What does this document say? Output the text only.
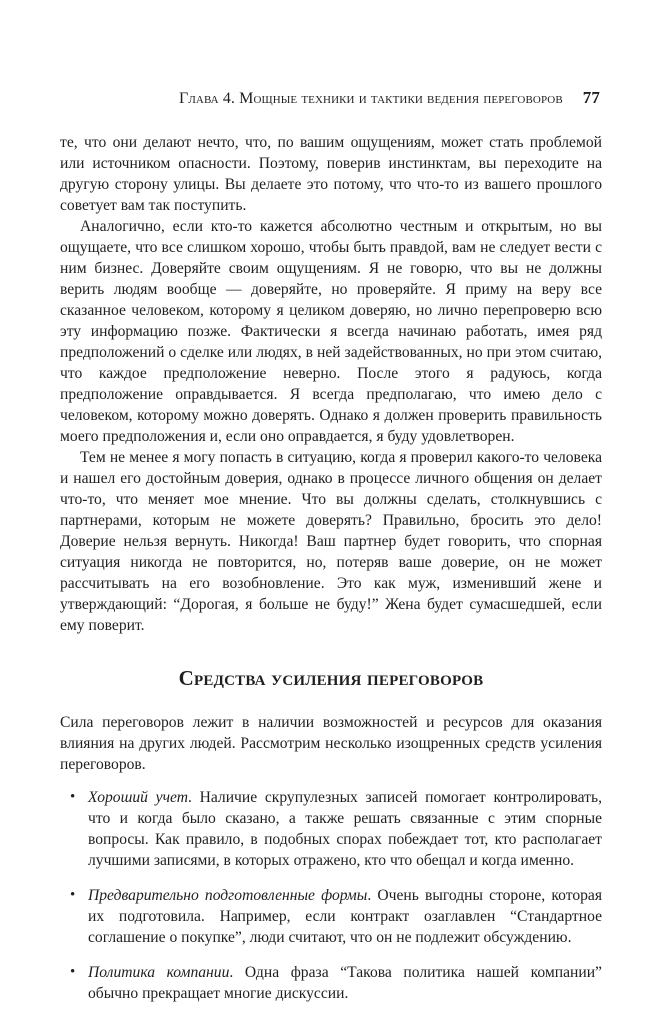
Глава 4. Мощные техники и тактики ведения переговоров 77

те, что они делают нечто, что, по вашим ощущениям, может стать проблемой или источником опасности. Поэтому, поверив инстинктам, вы переходите на другую сторону улицы. Вы делаете это потому, что что-то из вашего прошлого советует вам так поступить.

Аналогично, если кто-то кажется абсолютно честным и открытым, но вы ощущаете, что все слишком хорошо, чтобы быть правдой, вам не следует вести с ним бизнес. Доверяйте своим ощущениям. Я не говорю, что вы не должны верить людям вообще — доверяйте, но проверяйте. Я приму на веру все сказанное человеком, которому я целиком доверяю, но лично перепроверю всю эту информацию позже. Фактически я всегда начинаю работать, имея ряд предположений о сделке или людях, в ней задействованных, но при этом считаю, что каждое предположение неверно. После этого я радуюсь, когда предположение оправдывается. Я всегда предполагаю, что имею дело с человеком, которому можно доверять. Однако я должен проверить правильность моего предположения и, если оно оправдается, я буду удовлетворен.

Тем не менее я могу попасть в ситуацию, когда я проверил какого-то человека и нашел его достойным доверия, однако в процессе личного общения он делает что-то, что меняет мое мнение. Что вы должны сделать, столкнувшись с партнерами, которым не можете доверять? Правильно, бросить это дело! Доверие нельзя вернуть. Никогда! Ваш партнер будет говорить, что спорная ситуация никогда не повторится, но, потеряв ваше доверие, он не может рассчитывать на его возобновление. Это как муж, изменивший жене и утверждающий: “Дорогая, я больше не буду!” Жена будет сумасшедшей, если ему поверит.

Средства усиления переговоров

Сила переговоров лежит в наличии возможностей и ресурсов для оказания влияния на других людей. Рассмотрим несколько изощренных средств усиления переговоров.

• Хороший учет. Наличие скрупулезных записей помогает контролировать, что и когда было сказано, а также решать связанные с этим спорные вопросы. Как правило, в подобных спорах побеждает тот, кто располагает лучшими записями, в которых отражено, кто что обещал и когда именно.
• Предварительно подготовленные формы. Очень выгодны стороне, которая их подготовила. Например, если контракт озаглавлен “Стандартное соглашение о покупке”, люди считают, что он не подлежит обсуждению.
• Политика компании. Одна фраза “Такова политика нашей компании” обычно прекращает многие дискуссии.
